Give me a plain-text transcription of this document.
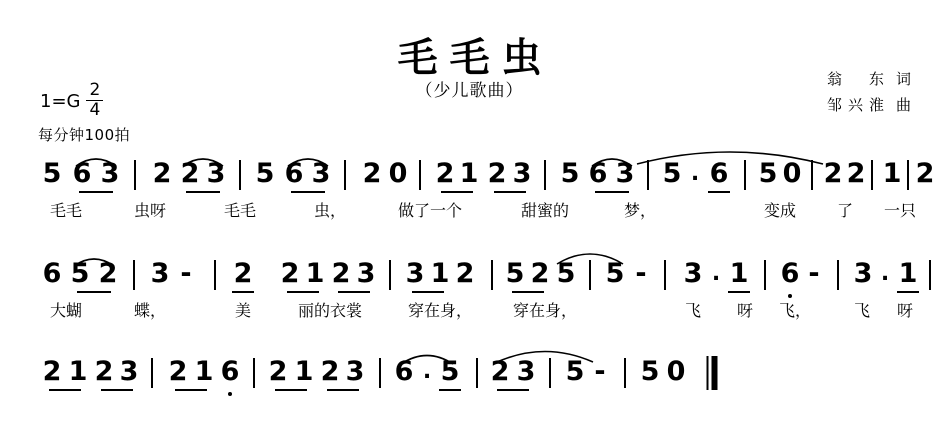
毛毛虫
（少儿歌曲）
翁　东 词
邹兴淮 曲
$1=G \frac{2}{4}$
每分钟100拍
5 6 3 2 2 3 5 6 3 2 0 2 1 2 3 5 6 3 5 . 6 5 0 2 2 1 2
毛毛	虫呀	毛毛	虫，	做了一个	甜蜜的	梦，	变成	了 一只
6 5 2 3 - 2 2 1 2 3 3 1 2 5 2 5 5 - 3 . 1 6 - 3 . 1
大蝴	蝶，	美	丽的衣裳	穿在身，	穿在身，	飞 呀 飞，	飞 呀
2 1 2 3 2 1 6 2 1 2 3 6 . 5 2 3 5 - 5 0
